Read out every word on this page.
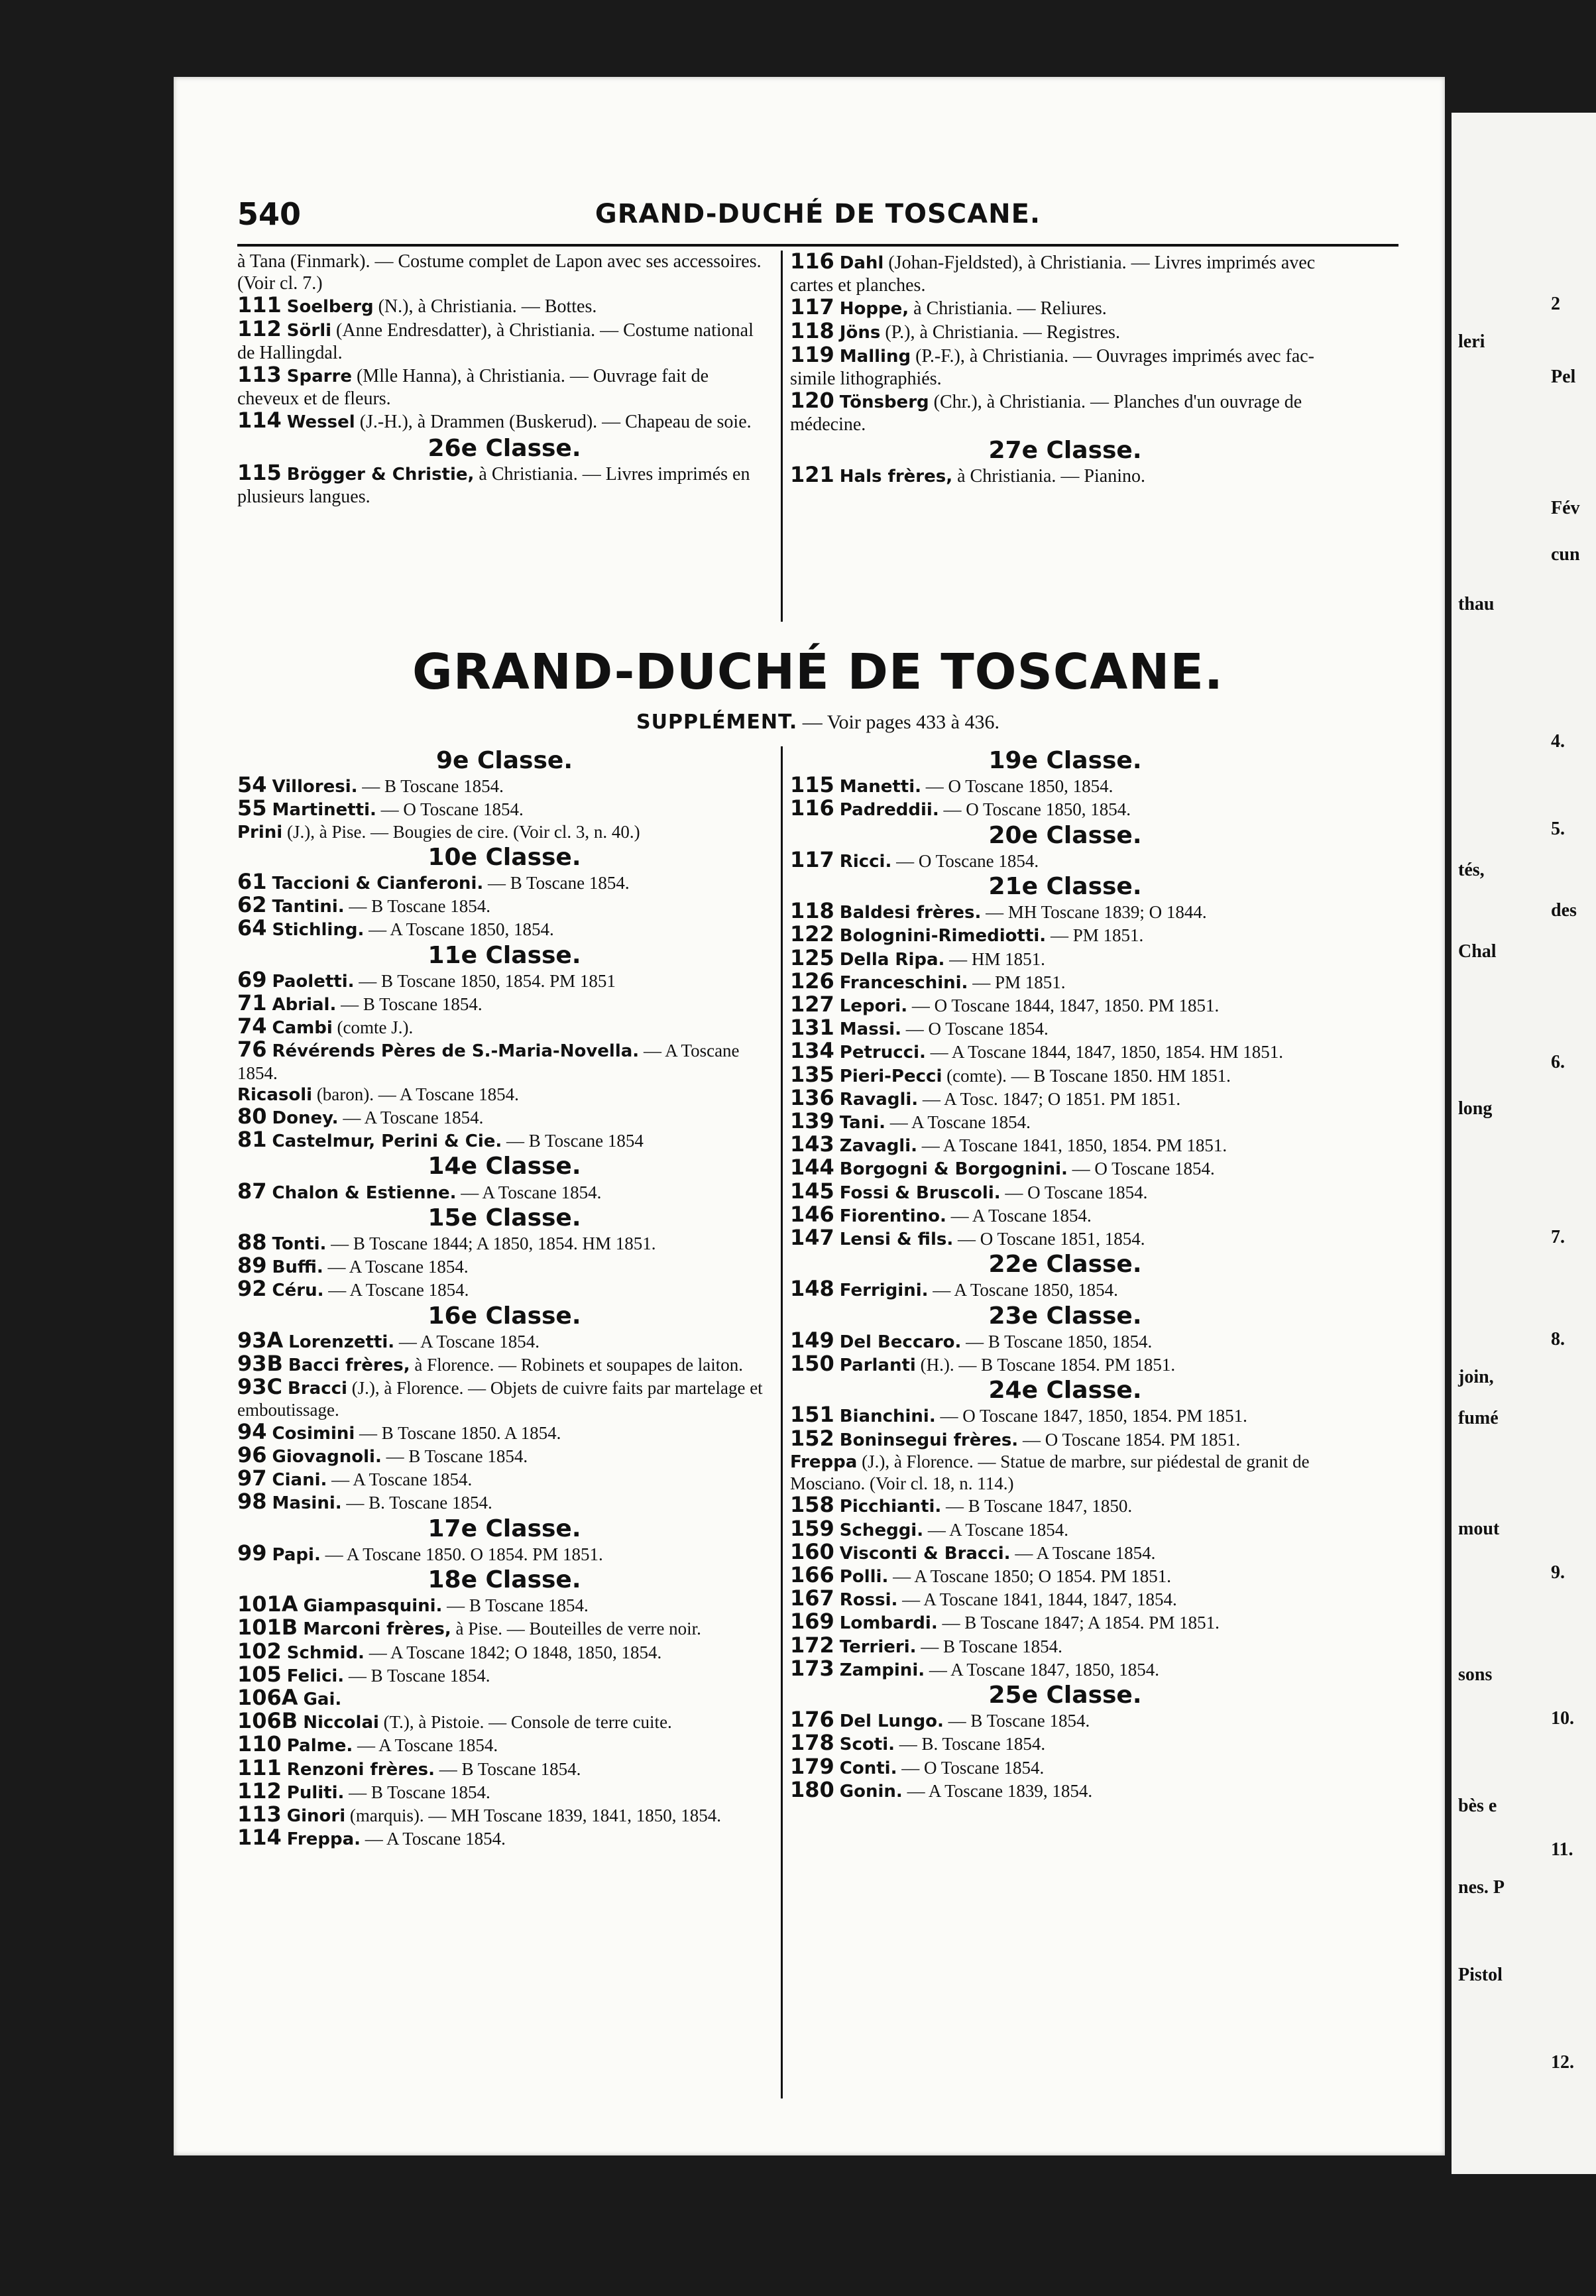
540	GRAND-DUCHÉ DE TOSCANE.

à Tana (Finmark). — Costume complet de Lapon avec ses accessoires. (Voir cl. 7.)

111 Soelberg (N.), à Christiania. — Bottes.

112 Sörli (Anne Endresdatter), à Christiania. — Costume national de Hallingdal.

113 Sparre (Mlle Hanna), à Christiania. — Ouvrage fait de cheveux et de fleurs.

114 Wessel (J.-H.), à Drammen (Buskerud). — Chapeau de soie.

26e Classe.

115 Brögger & Christie, à Christiania. — Livres imprimés en plusieurs langues.

116 Dahl (Johan-Fjeldsted), à Christiania. — Livres imprimés avec cartes et planches.

117 Hoppe, à Christiania. — Reliures.

118 Jöns (P.), à Christiania. — Registres.

119 Malling (P.-F.), à Christiania. — Ouvrages imprimés avec fac-simile lithographiés.

120 Tönsberg (Chr.), à Christiania. — Planches d'un ouvrage de médecine.

27e Classe.

121 Hals frères, à Christiania. — Pianino.

GRAND-DUCHÉ DE TOSCANE.
SUPPLÉMENT. — Voir pages 433 à 436.
9e Classe.

54 Villoresi. — B Toscane 1854.

55 Martinetti. — O Toscane 1854.

Prini (J.), à Pise. — Bougies de cire. (Voir cl. 3, n. 40.)

10e Classe.

61 Taccioni & Cianferoni. — B Toscane 1854.

62 Tantini. — B Toscane 1854.

64 Stichling. — A Toscane 1850, 1854.

11e Classe.

69 Paoletti. — B Toscane 1850, 1854. PM 1851

71 Abrial. — B Toscane 1854.

74 Cambi (comte J.).

76 Révérends Pères de S.-Maria-Novella. — A Toscane 1854.

Ricasoli (baron). — A Toscane 1854.

80 Doney. — A Toscane 1854.

81 Castelmur, Perini & Cie. — B Toscane 1854

14e Classe.

87 Chalon & Estienne. — A Toscane 1854.

15e Classe.

88 Tonti. — B Toscane 1844; A 1850, 1854. HM 1851.

89 Buffi. — A Toscane 1854.

92 Céru. — A Toscane 1854.

16e Classe.

93A Lorenzetti. — A Toscane 1854.

93B Bacci frères, à Florence. — Robinets et soupapes de laiton.

93C Bracci (J.), à Florence. — Objets de cuivre faits par martelage et emboutissage.

94 Cosimini — B Toscane 1850. A 1854.

96 Giovagnoli. — B Toscane 1854.

97 Ciani. — A Toscane 1854.

98 Masini. — B. Toscane 1854.

17e Classe.

99 Papi. — A Toscane 1850. O 1854. PM 1851.

18e Classe.

101A Giampasquini. — B Toscane 1854.

101B Marconi frères, à Pise. — Bouteilles de verre noir.

102 Schmid. — A Toscane 1842; O 1848, 1850, 1854.

105 Felici. — B Toscane 1854.

106A Gai.

106B Niccolai (T.), à Pistoie. — Console de terre cuite.

110 Palme. — A Toscane 1854.

111 Renzoni frères. — B Toscane 1854.

112 Puliti. — B Toscane 1854.

113 Ginori (marquis). — MH Toscane 1839, 1841, 1850, 1854.

114 Freppa. — A Toscane 1854.

19e Classe.

115 Manetti. — O Toscane 1850, 1854.

116 Padreddii. — O Toscane 1850, 1854.

20e Classe.

117 Ricci. — O Toscane 1854.

21e Classe.

118 Baldesi frères. — MH Toscane 1839; O 1844.

122 Bolognini-Rimediotti. — PM 1851.

125 Della Ripa. — HM 1851.

126 Franceschini. — PM 1851.

127 Lepori. — O Toscane 1844, 1847, 1850. PM 1851.

131 Massi. — O Toscane 1854.

134 Petrucci. — A Toscane 1844, 1847, 1850, 1854. HM 1851.

135 Pieri-Pecci (comte). — B Toscane 1850. HM 1851.

136 Ravagli. — A Tosc. 1847; O 1851. PM 1851.

139 Tani. — A Toscane 1854.

143 Zavagli. — A Toscane 1841, 1850, 1854. PM 1851.

144 Borgogni & Borgognini. — O Toscane 1854.

145 Fossi & Bruscoli. — O Toscane 1854.

146 Fiorentino. — A Toscane 1854.

147 Lensi & fils. — O Toscane 1851, 1854.

22e Classe.

148 Ferrigini. — A Toscane 1850, 1854.

23e Classe.

149 Del Beccaro. — B Toscane 1850, 1854.

150 Parlanti (H.). — B Toscane 1854. PM 1851.

24e Classe.

151 Bianchini. — O Toscane 1847, 1850, 1854. PM 1851.

152 Boninsegui frères. — O Toscane 1854. PM 1851.

Freppa (J.), à Florence. — Statue de marbre, sur piédestal de granit de Mosciano. (Voir cl. 18, n. 114.)

158 Picchianti. — B Toscane 1847, 1850.

159 Scheggi. — A Toscane 1854.

160 Visconti & Bracci. — A Toscane 1854.

166 Polli. — A Toscane 1850; O 1854. PM 1851.

167 Rossi. — A Toscane 1841, 1844, 1847, 1854.

169 Lombardi. — B Toscane 1847; A 1854. PM 1851.

172 Terrieri. — B Toscane 1854.

173 Zampini. — A Toscane 1847, 1850, 1854.

25e Classe.

176 Del Lungo. — B Toscane 1854.

178 Scoti. — B. Toscane 1854.

179 Conti. — O Toscane 1854.

180 Gonin. — A Toscane 1839, 1854.

2
leri
Pel
Fév
cun
thau
4.
5.
tés,
des
Chal
6.
long
7.
8.
join,
fumé
mout
9.
sons
10.
bès e
11.
nes. P
Pistol
12.
